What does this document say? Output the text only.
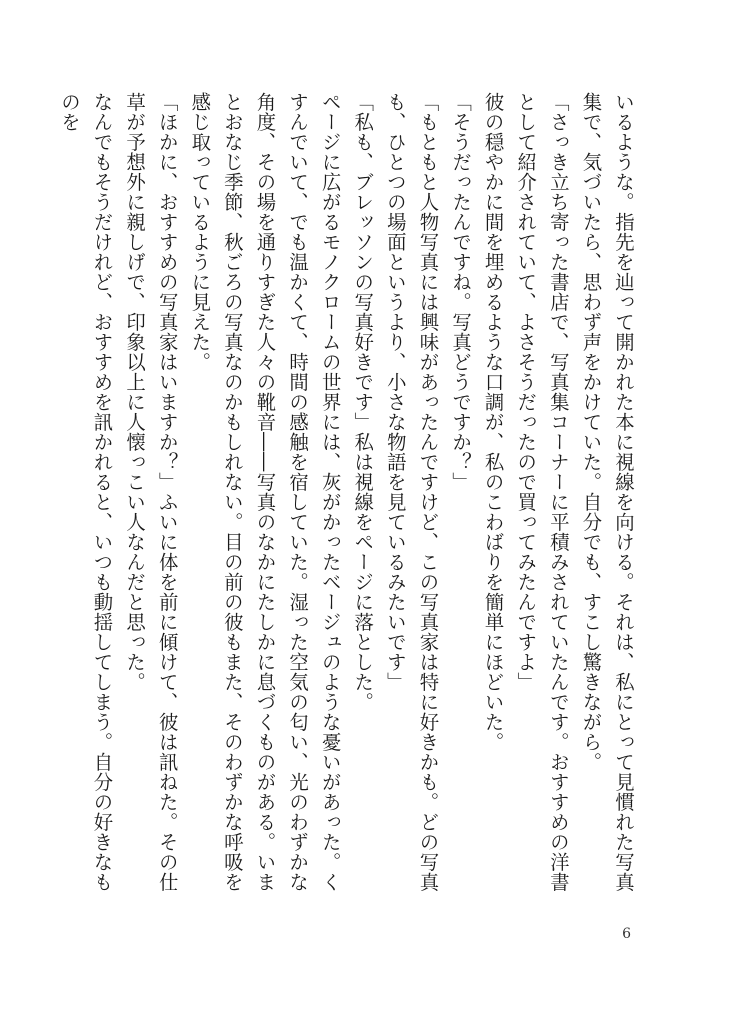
いるような。指先を辿って開かれた本に視線を向ける。それは、私にとって見慣れた写真集で、気づいたら、思わず声をかけていた。自分でも、すこし驚きながら。

「さっき立ち寄った書店で、写真集コーナーに平積みされていたんです。おすすめの洋書として紹介されていて、よさそうだったので買ってみたんですよ」

彼の穏やかに間を埋めるような口調が、私のこわばりを簡単にほどいた。

「そうだったんですね。写真どうですか？」

「もともと人物写真には興味があったんですけど、この写真家は特に好きかも。どの写真も、ひとつの場面というより、小さな物語を見ているみたいです」

「私も、ブレッソンの写真好きです」私は視線をページに落とした。

ページに広がるモノクロームの世界には、灰がかったベージュのような憂いがあった。くすんでいて、でも温かくて、時間の感触を宿していた。湿った空気の匂い、光のわずかな角度、その場を通りすぎた人々の靴音――写真のなかにたしかに息づくものがある。いまとおなじ季節、秋ごろの写真なのかもしれない。目の前の彼もまた、そのわずかな呼吸を感じ取っているように見えた。

「ほかに、おすすめの写真家はいますか？」ふいに体を前に傾けて、彼は訊ねた。その仕草が予想外に親しげで、印象以上に人懐っこい人なんだと思った。

なんでもそうだけれど、おすすめを訊かれると、いつも動揺してしまう。自分の好きなものを

6
